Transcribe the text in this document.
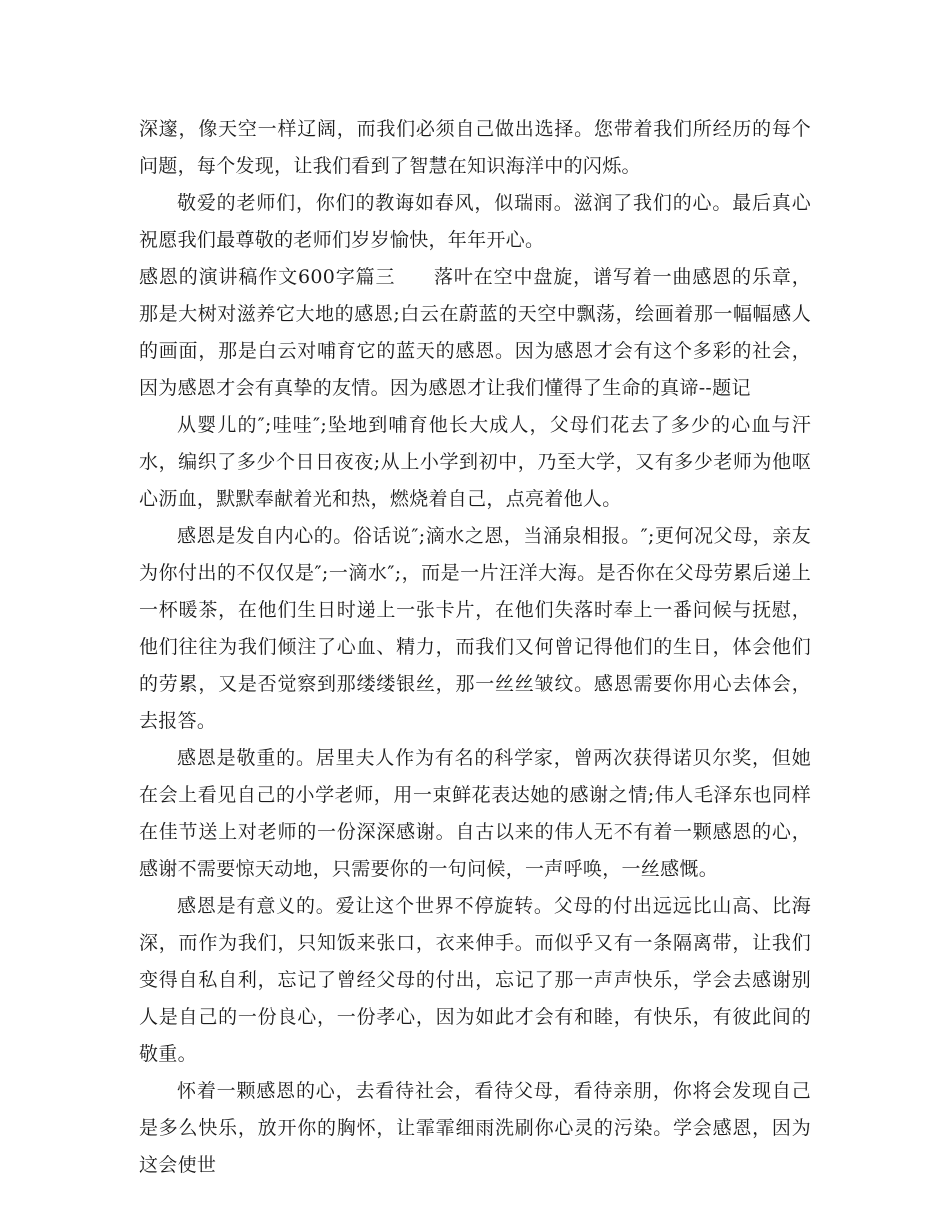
深邃，像天空一样辽阔，而我们必须自己做出选择。您带着我们所经历的每个问题，每个发现，让我们看到了智慧在知识海洋中的闪烁。

敬爱的老师们，你们的教诲如春风，似瑞雨。滋润了我们的心。最后真心祝愿我们最尊敬的老师们岁岁愉快，年年开心。

感恩的演讲稿作文600字篇三 落叶在空中盘旋，谱写着一曲感恩的乐章，那是大树对滋养它大地的感恩;白云在蔚蓝的天空中飘荡，绘画着那一幅幅感人的画面，那是白云对哺育它的蓝天的感恩。因为感恩才会有这个多彩的社会，因为感恩才会有真挚的友情。因为感恩才让我们懂得了生命的真谛--题记

从婴儿的″;哇哇″;坠地到哺育他长大成人，父母们花去了多少的心血与汗水，编织了多少个日日夜夜;从上小学到初中，乃至大学，又有多少老师为他呕心沥血，默默奉献着光和热，燃烧着自己，点亮着他人。

感恩是发自内心的。俗话说″;滴水之恩，当涌泉相报。″;更何况父母，亲友为你付出的不仅仅是″;一滴水″;，而是一片汪洋大海。是否你在父母劳累后递上一杯暖茶，在他们生日时递上一张卡片，在他们失落时奉上一番问候与抚慰，他们往往为我们倾注了心血、精力，而我们又何曾记得他们的生日，体会他们的劳累，又是否觉察到那缕缕银丝，那一丝丝皱纹。感恩需要你用心去体会，去报答。

感恩是敬重的。居里夫人作为有名的科学家，曾两次获得诺贝尔奖，但她在会上看见自己的小学老师，用一束鲜花表达她的感谢之情;伟人毛泽东也同样在佳节送上对老师的一份深深感谢。自古以来的伟人无不有着一颗感恩的心，感谢不需要惊天动地，只需要你的一句问候，一声呼唤，一丝感慨。

感恩是有意义的。爱让这个世界不停旋转。父母的付出远远比山高、比海深，而作为我们，只知饭来张口，衣来伸手。而似乎又有一条隔离带，让我们变得自私自利，忘记了曾经父母的付出，忘记了那一声声快乐，学会去感谢别人是自己的一份良心，一份孝心，因为如此才会有和睦，有快乐，有彼此间的敬重。

怀着一颗感恩的心，去看待社会，看待父母，看待亲朋，你将会发现自己是多么快乐，放开你的胸怀，让霏霏细雨洗刷你心灵的污染。学会感恩，因为这会使世
